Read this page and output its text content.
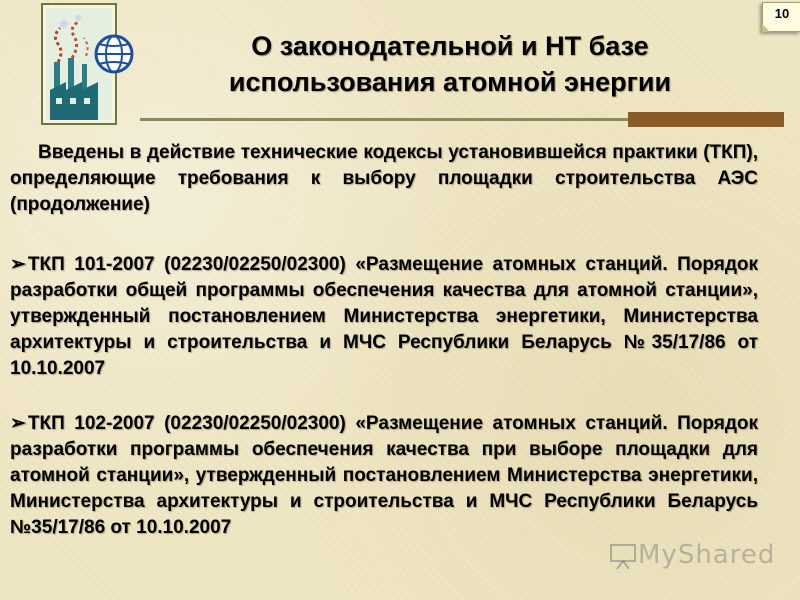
10
О законодательной и НТ базе
использования атомной энергии
Введены в действие технические кодексы установившейся практики (ТКП), определяющие требования к выбору площадки строительства АЭС (продолжение)
➢ ТКП 101-2007 (02230/02250/02300) «Размещение атомных станций. Порядок разработки общей программы обеспечения качества для атомной станции», утвержденный постановлением Министерства энергетики, Министерства архитектуры и строительства и МЧС Республики Беларусь №35/17/86 от 10.10.2007
➢ ТКП 102-2007 (02230/02250/02300) «Размещение атомных станций. Порядок разработки программы обеспечения качества при выборе площадки для атомной станции», утвержденный постановлением Министерства энергетики, Министерства архитектуры и строительства и МЧС Республики Беларусь №35/17/86 от 10.10.2007
MyShared
